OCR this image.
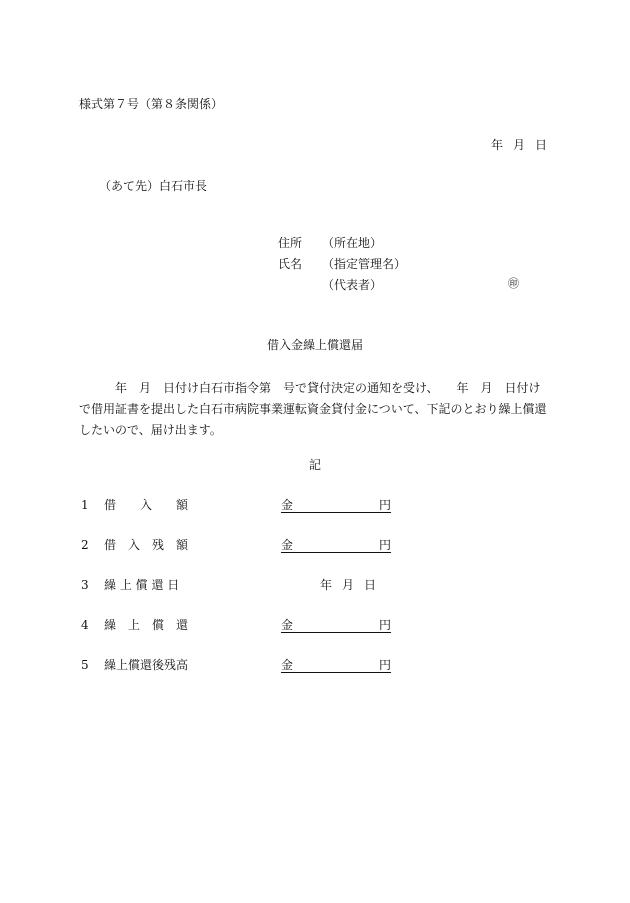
様式第７号（第８条関係）
年 月 日
（あて先）白石市長
住所 （所在地）
氏名 （指定管理名）
（代表者）	㊞
借入金繰上償還届

年　月　日付け白石市指令第　号で貸付決定の通知を受け、　　年　月　日付け

で借用証書を提出した白石市病院事業運転資金貸付金について、下記のとおり繰上償還

したいので、届け出ます。

記
1 借　　入　　額	金	円
2 借　入　残　額	金	円
3 繰 上 償 還 日	年 月 日
4 繰　上　償　還	金	円
5 繰上償還後残高	金	円
